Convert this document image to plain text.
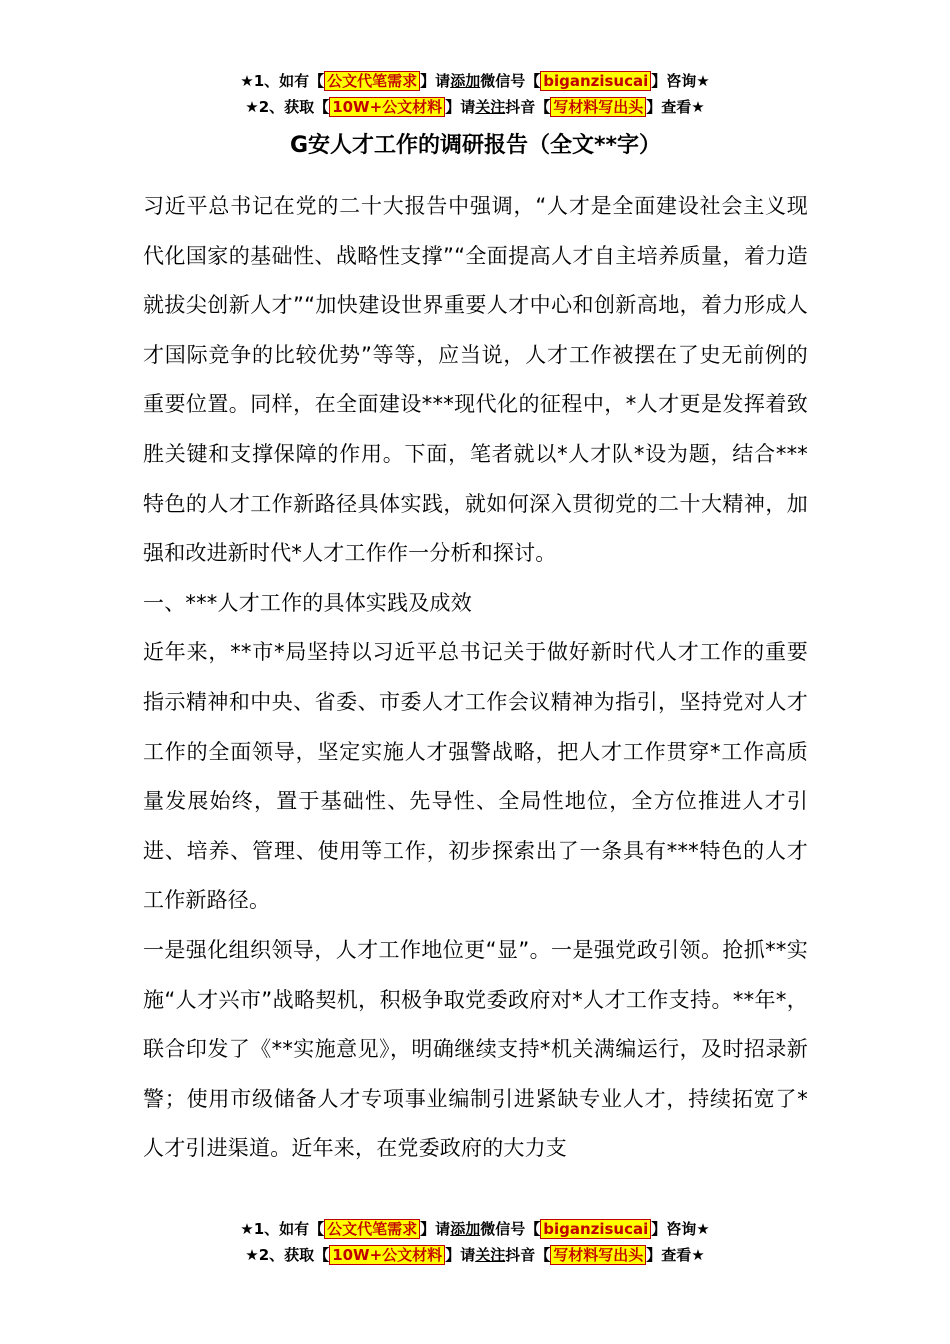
★1、如有【 公文代笔需求 】请添加微信号【 biganzisucai 】咨询★
★2、获取【 10W+公文材料 】请关注抖音【 写材料写出头 】查看★
G安人才工作的调研报告（全文**字）

习近平总书记在党的二十大报告中强调，“人才是全面建设社会主义现代化国家的基础性、战略性支撑”“全面提高人才自主培养质量，着力造就拔尖创新人才”“加快建设世界重要人才中心和创新高地，着力形成人才国际竞争的比较优势”等等，应当说，人才工作被摆在了史无前例的重要位置。同样，在全面建设***现代化的征程中，*人才更是发挥着致胜关键和支撑保障的作用。下面，笔者就以*人才队*设为题，结合***特色的人才工作新路径具体实践，就如何深入贯彻党的二十大精神，加强和改进新时代*人才工作作一分析和探讨。

一、***人才工作的具体实践及成效

近年来，**市*局坚持以习近平总书记关于做好新时代人才工作的重要指示精神和中央、省委、市委人才工作会议精神为指引，坚持党对人才工作的全面领导，坚定实施人才强警战略，把人才工作贯穿*工作高质量发展始终，置于基础性、先导性、全局性地位，全方位推进人才引进、培养、管理、使用等工作，初步探索出了一条具有***特色的人才工作新路径。

一是强化组织领导，人才工作地位更“显”。一是强党政引领。抢抓**实施“人才兴市”战略契机，积极争取党委政府对*人才工作支持。**年*，联合印发了《**实施意见》，明确继续支持*机关满编运行，及时招录新警；使用市级储备人才专项事业编制引进紧缺专业人才，持续拓宽了*人才引进渠道。近年来，在党委政府的大力支

★1、如有【 公文代笔需求 】请添加微信号【 biganzisucai 】咨询★
★2、获取【 10W+公文材料 】请关注抖音【 写材料写出头 】查看★
